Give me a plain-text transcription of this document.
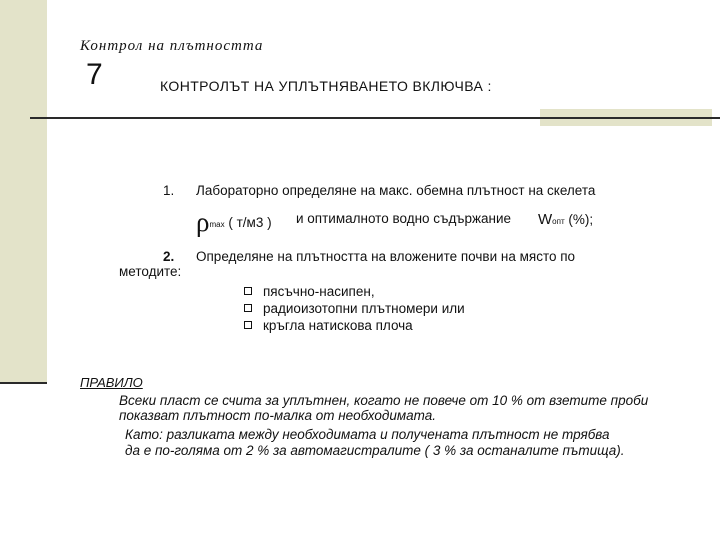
Контрол на плътността
7	КОНТРОЛЪТ НА УПЛЪТНЯВАНЕТО ВКЛЮЧВА :
1. Лабораторно определяне на макс. обемна плътност на скелета
ρmax ( т/м3 ) и оптималното водно съдържание Wопт (%);
2. Определяне на плътността на вложените почви на място по
методите:
пясъчно-насипен,
радиоизотопни плътномери или
кръгла натискова плоча
ПРАВИЛО
Всеки пласт се счита за уплътнен, когато не повече от 10 % от взетите проби
показват плътност по-малка от необходимата.
Като: разликата между необходимата и получената плътност не трябва
да е по-голяма от 2 % за автомагистралите ( 3 % за останалите пътища).
